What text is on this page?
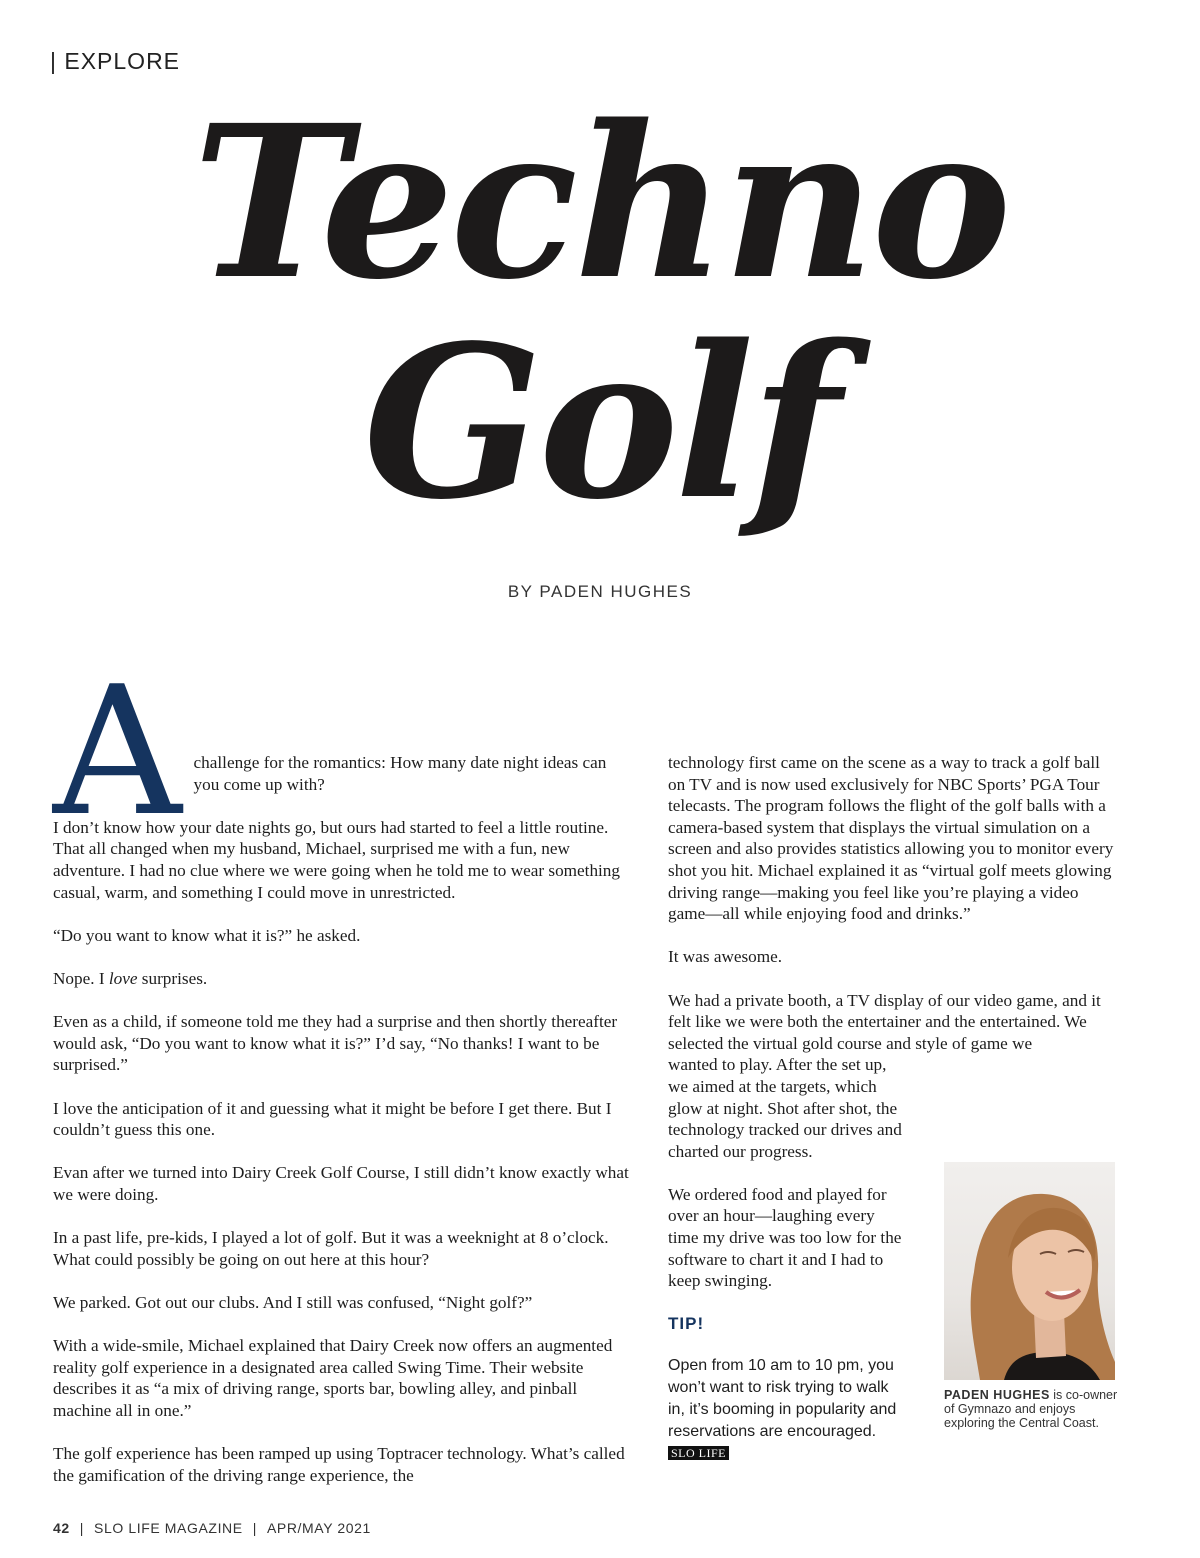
| EXPLORE
Techno
Golf
BY PADEN HUGHES

A challenge for the romantics: How many date night ideas can you come up with?

I don’t know how your date nights go, but ours had started to feel a little routine. That all changed when my husband, Michael, surprised me with a fun, new adventure. I had no clue where we were going when he told me to wear something casual, warm, and something I could move in unrestricted.

“Do you want to know what it is?” he asked.

Nope. I love surprises.

Even as a child, if someone told me they had a surprise and then shortly thereafter would ask, “Do you want to know what it is?” I’d say, “No thanks! I want to be surprised.”

I love the anticipation of it and guessing what it might be before I get there. But I couldn’t guess this one.

Evan after we turned into Dairy Creek Golf Course, I still didn’t know exactly what we were doing.

In a past life, pre-kids, I played a lot of golf. But it was a weeknight at 8 o’clock. What could possibly be going on out here at this hour?

We parked. Got out our clubs. And I still was confused, “Night golf?”

With a wide-smile, Michael explained that Dairy Creek now offers an augmented reality golf experience in a designated area called Swing Time. Their website describes it as “a mix of driving range, sports bar, bowling alley, and pinball machine all in one.”

The golf experience has been ramped up using Toptracer technology. What’s called the gamification of the driving range experience, the

technology first came on the scene as a way to track a golf ball on TV and is now used exclusively for NBC Sports’ PGA Tour telecasts. The program follows the flight of the golf balls with a camera-based system that displays the virtual simulation on a screen and also provides statistics allowing you to monitor every shot you hit. Michael explained it as “virtual golf meets glowing driving range—making you feel like you’re playing a video game—all while enjoying food and drinks.”

It was awesome.

We had a private booth, a TV display of our video game, and it felt like we were both the entertainer and the entertained. We selected the virtual gold course and style of game we

wanted to play. After the set up, we aimed at the targets, which glow at night. Shot after shot, the technology tracked our drives and charted our progress.

We ordered food and played for over an hour—laughing every time my drive was too low for the software to chart it and I had to keep swinging.

TIP!

Open from 10 am to 10 pm, you won’t want to risk trying to walk in, it’s booming in popularity and reservations are encouraged. SLO LIFE

PADEN HUGHES is co-owner of Gymnazo and enjoys exploring the Central Coast.
42 | SLO LIFE MAGAZINE | APR/MAY 2021
